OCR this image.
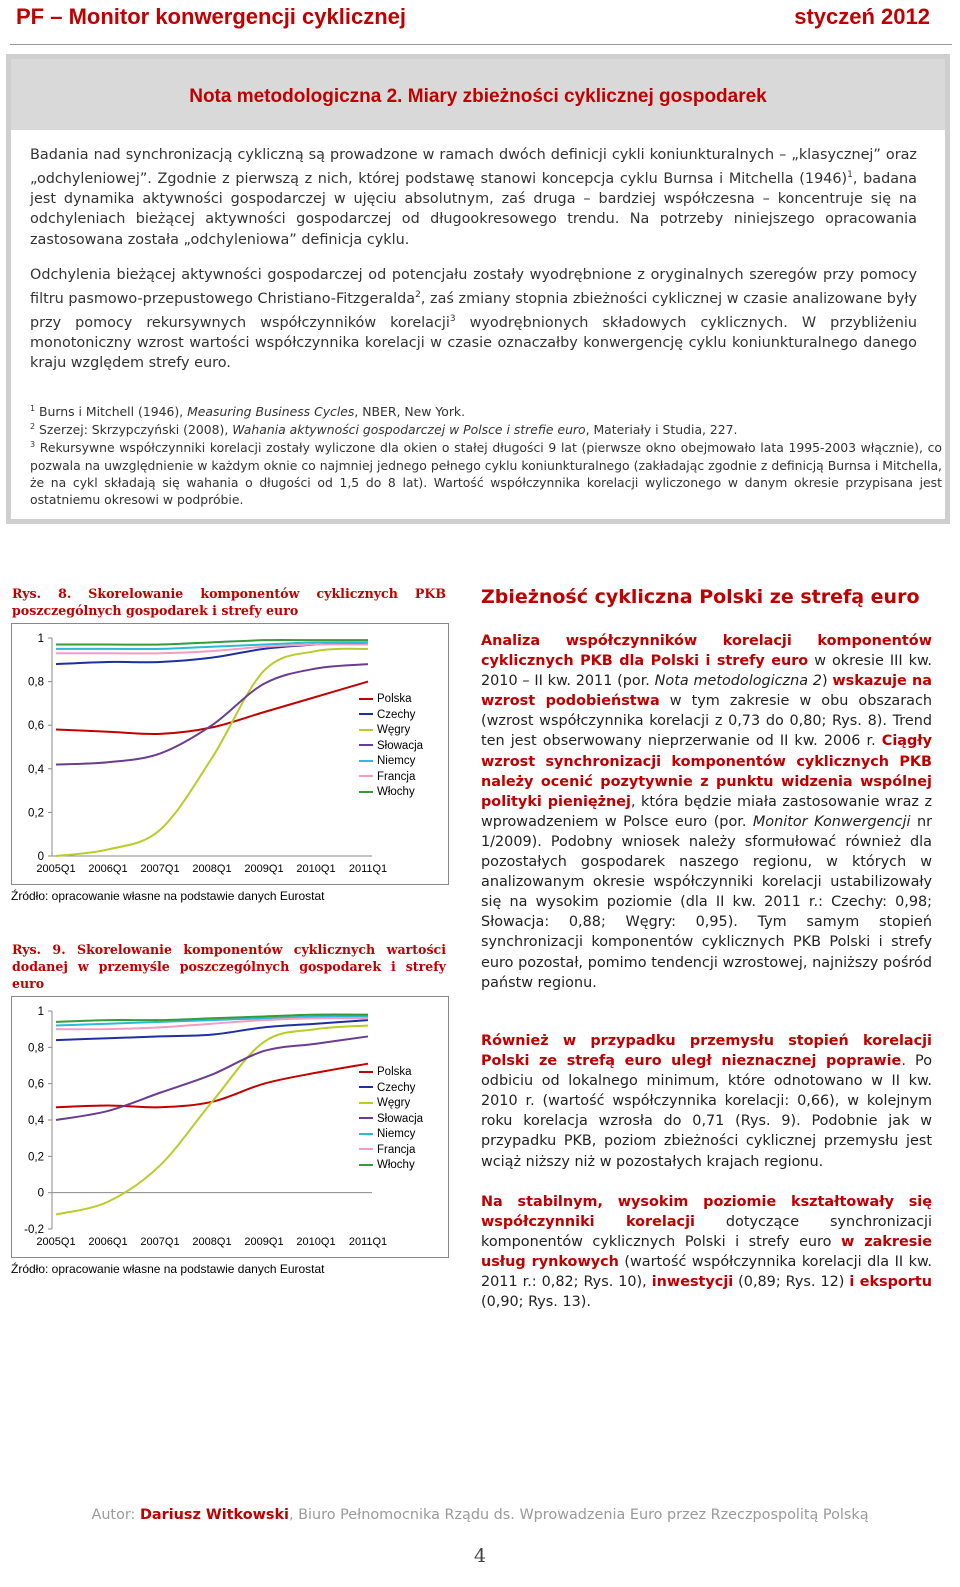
PF – Monitor konwergencji cyklicznej	styczeń 2012
Nota metodologiczna 2. Miary zbieżności cyklicznej gospodarek
Badania nad synchronizacją cykliczną są prowadzone w ramach dwóch definicji cykli koniunkturalnych – „klasycznej” oraz „odchyleniowej”. Zgodnie z pierwszą z nich, której podstawę stanowi koncepcja cyklu Burnsa i Mitchella $(1946)^1$, badana jest dynamika aktywności gospodarczej w ujęciu absolutnym, zaś druga – bardziej współczesna – koncentruje się na odchyleniach bieżącej aktywności gospodarczej od długookresowego trendu. Na potrzeby niniejszego opracowania zastosowana została „odchyleniowa” definicja cyklu.
Odchylenia bieżącej aktywności gospodarczej od potencjału zostały wyodrębnione z oryginalnych szeregów przy pomocy filtru pasmowo-przepustowego Christiano-Fitzgeralda$^2$, zaś zmiany stopnia zbieżności cyklicznej w czasie analizowane były przy pomocy rekursywnych współczynników korelacji$^3$ wyodrębnionych składowych cyklicznych. W przybliżeniu monotoniczny wzrost wartości współczynnika korelacji w czasie oznaczałby konwergencję cyklu koniunkturalnego danego kraju względem strefy euro.
$^1$ Burns i Mitchell (1946), Measuring Business Cycles, NBER, New York.
$^2$ Szerzej: Skrzypczyński (2008), Wahania aktywności gospodarczej w Polsce i strefie euro, Materiały i Studia, 227.
$^3$ Rekursywne współczynniki korelacji zostały wyliczone dla okien o stałej długości 9 lat (pierwsze okno obejmowało lata 1995-2003 włącznie), co pozwala na uwzględnienie w każdym oknie co najmniej jednego pełnego cyklu koniunkturalnego (zakładając zgodnie z definicją Burnsa i Mitchella, że na cykl składają się wahania o długości od 1,5 do 8 lat). Wartość współczynnika korelacji wyliczonego w danym okresie przypisana jest ostatniemu okresowi w podpróbie.
Rys. 8. Skorelowanie komponentów cyklicznych PKB poszczególnych gospodarek i strefy euro
0
0,2
0,4
0,6
0,8
1
2005Q1 2006Q1 2007Q1 2008Q1 2009Q1 2010Q1 2011Q1
Polska
Czechy
Węgry
Słowacja
Niemcy
Francja
Włochy
Źródło: opracowanie własne na podstawie danych Eurostat
Rys. 9. Skorelowanie komponentów cyklicznych wartości dodanej w przemyśle poszczególnych gospodarek i strefy euro
-0,2
0
0,2
0,4
0,6
0,8
1
2005Q1 2006Q1 2007Q1 2008Q1 2009Q1 2010Q1 2011Q1
Polska
Czechy
Węgry
Słowacja
Niemcy
Francja
Włochy
Źródło: opracowanie własne na podstawie danych Eurostat
Zbieżność cykliczna Polski ze strefą euro
Analiza współczynników korelacji komponentów cyklicznych PKB dla Polski i strefy euro w okresie III kw. 2010 – II kw. 2011 (por. Nota metodologiczna 2) wskazuje na wzrost podobieństwa w tym zakresie w obu obszarach (wzrost współczynnika korelacji z 0,73 do 0,80; Rys. 8). Trend ten jest obserwowany nieprzerwanie od II kw. 2006 r. Ciągły wzrost synchronizacji komponentów cyklicznych PKB należy ocenić pozytywnie z punktu widzenia wspólnej polityki pieniężnej, która będzie miała zastosowanie wraz z wprowadzeniem w Polsce euro (por. Monitor Konwergencji nr 1/2009). Podobny wniosek należy sformułować również dla pozostałych gospodarek naszego regionu, w których w analizowanym okresie współczynniki korelacji ustabilizowały się na wysokim poziomie (dla II kw. 2011 r.: Czechy: 0,98; Słowacja: 0,88; Węgry: 0,95). Tym samym stopień synchronizacji komponentów cyklicznych PKB Polski i strefy euro pozostał, pomimo tendencji wzrostowej, najniższy pośród państw regionu.
Również w przypadku przemysłu stopień korelacji Polski ze strefą euro uległ nieznacznej poprawie. Po odbiciu od lokalnego minimum, które odnotowano w II kw. 2010 r. (wartość współczynnika korelacji: 0,66), w kolejnym roku korelacja wzrosła do 0,71 (Rys. 9). Podobnie jak w przypadku PKB, poziom zbieżności cyklicznej przemysłu jest wciąż niższy niż w pozostałych krajach regionu.
Na stabilnym, wysokim poziomie kształtowały się współczynniki korelacji dotyczące synchronizacji komponentów cyklicznych Polski i strefy euro w zakresie usług rynkowych (wartość współczynnika korelacji dla II kw. 2011 r.: 0,82; Rys. 10), inwestycji (0,89; Rys. 12) i eksportu (0,90; Rys. 13).
Autor: Dariusz Witkowski, Biuro Pełnomocnika Rządu ds. Wprowadzenia Euro przez Rzeczpospolitą Polską
4
